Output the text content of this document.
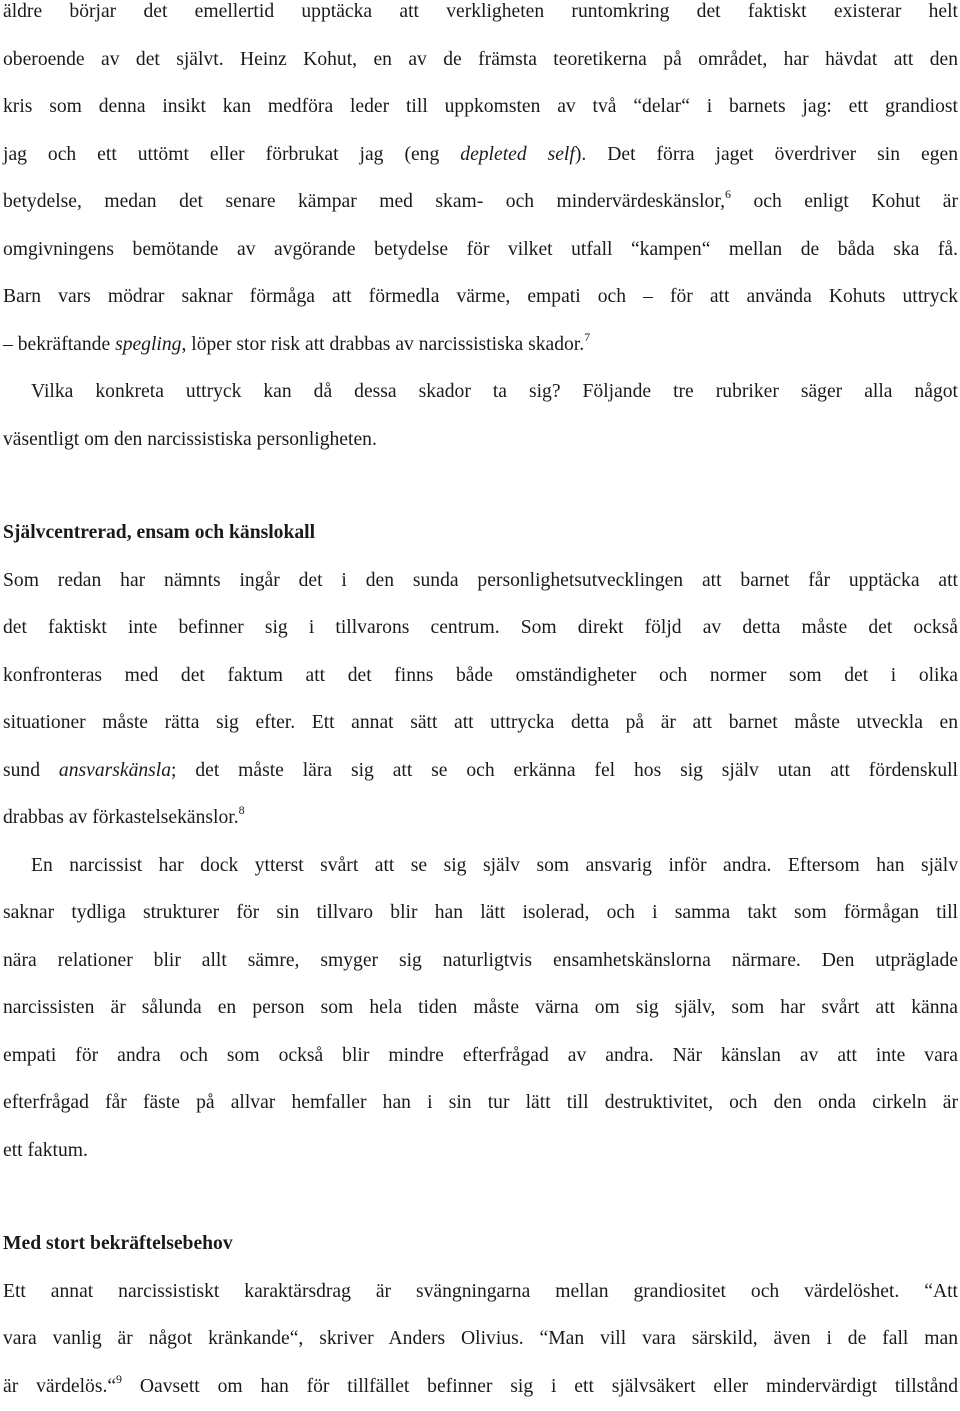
äldre börjar det emellertid upptäcka att verkligheten runtomkring det faktiskt existerar helt
oberoende av det självt. Heinz Kohut, en av de främsta teoretikerna på området, har hävdat att den
kris som denna insikt kan medföra leder till uppkomsten av två “delar“ i barnets jag: ett grandiost
jag och ett uttömt eller förbrukat jag (eng depleted self). Det förra jaget överdriver sin egen
betydelse, medan det senare kämpar med skam- och mindervärdeskänslor,$^6$ och enligt Kohut är
omgivningens bemötande av avgörande betydelse för vilket utfall “kampen“ mellan de båda ska få.
Barn vars mödrar saknar förmåga att förmedla värme, empati och – för att använda Kohuts uttryck
– bekräftande spegling, löper stor risk att drabbas av narcissistiska skador.$^7$
Vilka konkreta uttryck kan då dessa skador ta sig? Följande tre rubriker säger alla något
väsentligt om den narcissistiska personligheten.
Självcentrerad, ensam och känslokall
Som redan har nämnts ingår det i den sunda personlighetsutvecklingen att barnet får upptäcka att
det faktiskt inte befinner sig i tillvarons centrum. Som direkt följd av detta måste det också
konfronteras med det faktum att det finns både omständigheter och normer som det i olika
situationer måste rätta sig efter. Ett annat sätt att uttrycka detta på är att barnet måste utveckla en
sund ansvarskänsla; det måste lära sig att se och erkänna fel hos sig själv utan att fördenskull
drabbas av förkastelsekänslor.$^8$
En narcissist har dock ytterst svårt att se sig själv som ansvarig inför andra. Eftersom han själv
saknar tydliga strukturer för sin tillvaro blir han lätt isolerad, och i samma takt som förmågan till
nära relationer blir allt sämre, smyger sig naturligtvis ensamhetskänslorna närmare. Den utpräglade
narcissisten är sålunda en person som hela tiden måste värna om sig själv, som har svårt att känna
empati för andra och som också blir mindre efterfrågad av andra. När känslan av att inte vara
efterfrågad får fäste på allvar hemfaller han i sin tur lätt till destruktivitet, och den onda cirkeln är
ett faktum.
Med stort bekräftelsebehov
Ett annat narcissistiskt karaktärsdrag är svängningarna mellan grandiositet och värdelöshet. “Att
vara vanlig är något kränkande“, skriver Anders Olivius. “Man vill vara särskild, även i de fall man
är värdelös.“$^9$ Oavsett om han för tillfället befinner sig i ett självsäkert eller mindervärdigt tillstånd
